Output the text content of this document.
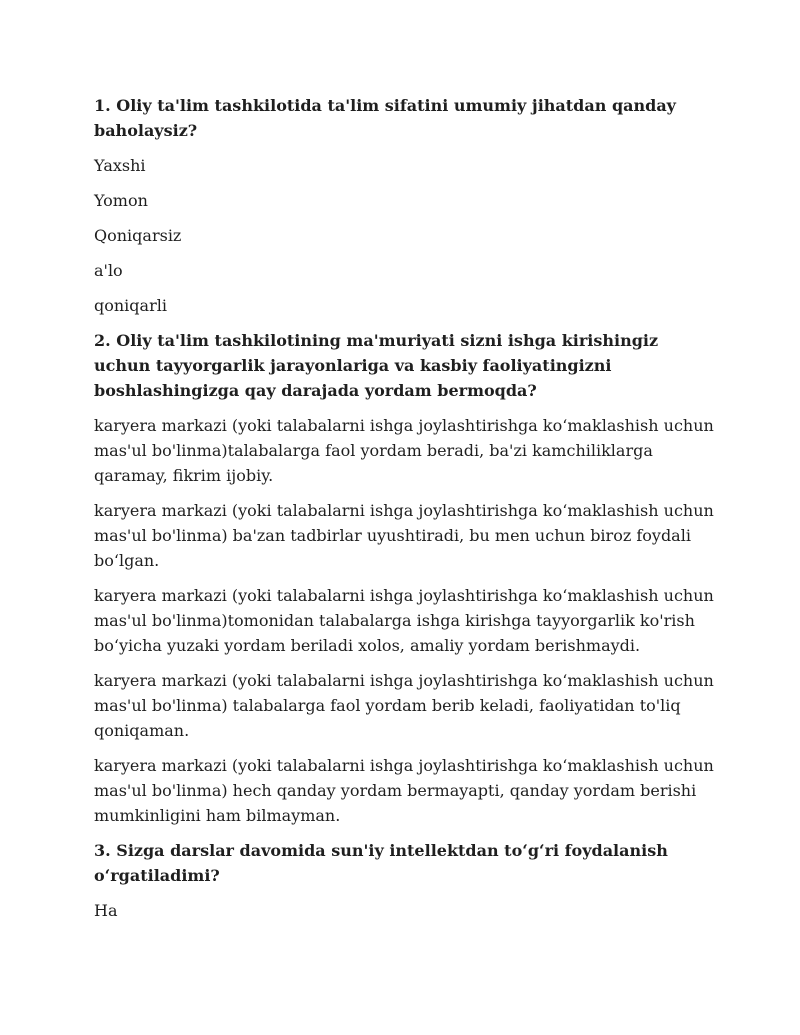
1. Oliy ta'lim tashkilotida ta'lim sifatini umumiy jihatdan qanday baholaysiz?
Yaxshi
Yomon
Qoniqarsiz
a'lo
qoniqarli
2. Oliy ta'lim tashkilotining ma'muriyati sizni ishga kirishingiz uchun tayyorgarlik jarayonlariga va kasbiy faoliyatingizni boshlashingizga qay darajada yordam bermoqda?
karyera markazi (yoki talabalarni ishga joylashtirishga koʻmaklashish uchun mas'ul bo'linma)talabalarga faol yordam beradi, ba'zi kamchiliklarga qaramay, fikrim ijobiy.
karyera markazi (yoki talabalarni ishga joylashtirishga koʻmaklashish uchun mas'ul bo'linma) ba'zan tadbirlar uyushtiradi, bu men uchun biroz foydali boʻlgan.
karyera markazi (yoki talabalarni ishga joylashtirishga koʻmaklashish uchun mas'ul bo'linma)tomonidan talabalarga ishga kirishga tayyorgarlik ko'rish boʻyicha yuzaki yordam beriladi xolos, amaliy yordam berishmaydi.
karyera markazi (yoki talabalarni ishga joylashtirishga koʻmaklashish uchun mas'ul bo'linma) talabalarga faol yordam berib keladi, faoliyatidan to'liq qoniqaman.
karyera markazi (yoki talabalarni ishga joylashtirishga koʻmaklashish uchun mas'ul bo'linma) hech qanday yordam bermayapti, qanday yordam berishi mumkinligini ham bilmayman.
3. Sizga darslar davomida sun'iy intellektdan toʻgʻri foydalanish oʻrgatiladimi?
Ha
